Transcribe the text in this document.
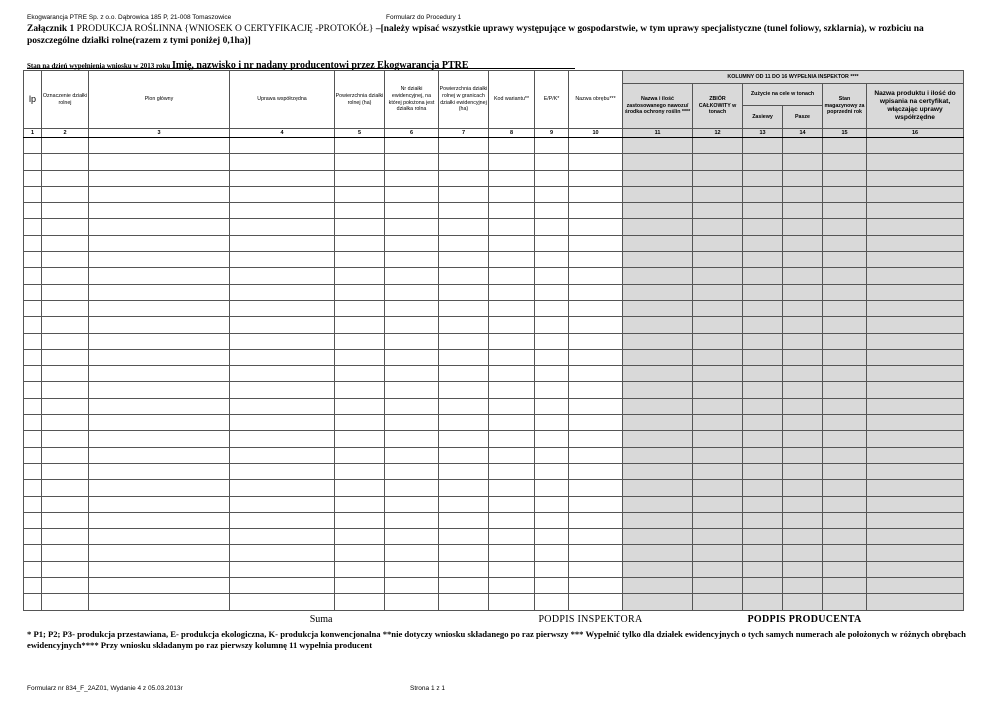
Ekogwarancja PTRE Sp. z o.o. Dąbrowica 185 P, 21-008 Tomaszowice	Formularz do Procedury 1
Załącznik 1 PRODUKCJA ROŚLINNA {WNIOSEK O CERTYFIKACJĘ -PROTOKÓŁ} –[należy wpisać wszystkie uprawy występujące w gospodarstwie, w tym uprawy specjalistyczne (tunel foliowy, szklarnia), w rozbiciu na poszczególne działki rolne(razem z tymi poniżej 0,1ha)]
Stan na dzień wypełnienia wniosku w 2013 roku Imię, nazwisko i nr nadany producentowi przez Ekogwarancja PTRE
lp	Oznaczenie działki rolnej	Plon główny	Uprawa współrzędna	Powierzchnia działki rolnej (ha)	Nr działki ewidencyjnej, na której położona jest działka rolna	Powierzchnia działki rolnej w granicach działki ewidencyjnej (ha)	Kod wariantu**	E/P/K*	Nazwa obrębu***	KOLUMNY OD 11 DO 16 WYPEŁNIA INSPEKTOR ****					
										Nazwa i ilość zastosowanego nawozu/ środka ochrony roślin ****	ZBIÓR CAŁKOWITY w tonach	Zużycie na cele w tonach		Stan magazynowy za poprzedni rok	Nazwa produktu i ilość do wpisania na certyfikat, włączając uprawy współrzędne
												Zasiewy	Pasze		
1	2	3	4	5	6	7	8	9	10	11	12	13	14	15	16

Suma							PODPIS INSPEKTORA					PODPIS PRODUCENTA			
* P1; P2; P3- produkcja przestawiana, E- produkcja ekologiczna, K- produkcja konwencjonalna **nie dotyczy wniosku składanego po raz pierwszy *** Wypełnić tylko dla działek ewidencyjnych o tych samych numerach ale położonych w różnych obrębach ewidencyjnych**** Przy wniosku składanym po raz pierwszy kolumnę 11 wypełnia producent
Formularz nr 834_F_2AZ01, Wydanie 4 z 05.03.2013r	Strona 1 z 1
